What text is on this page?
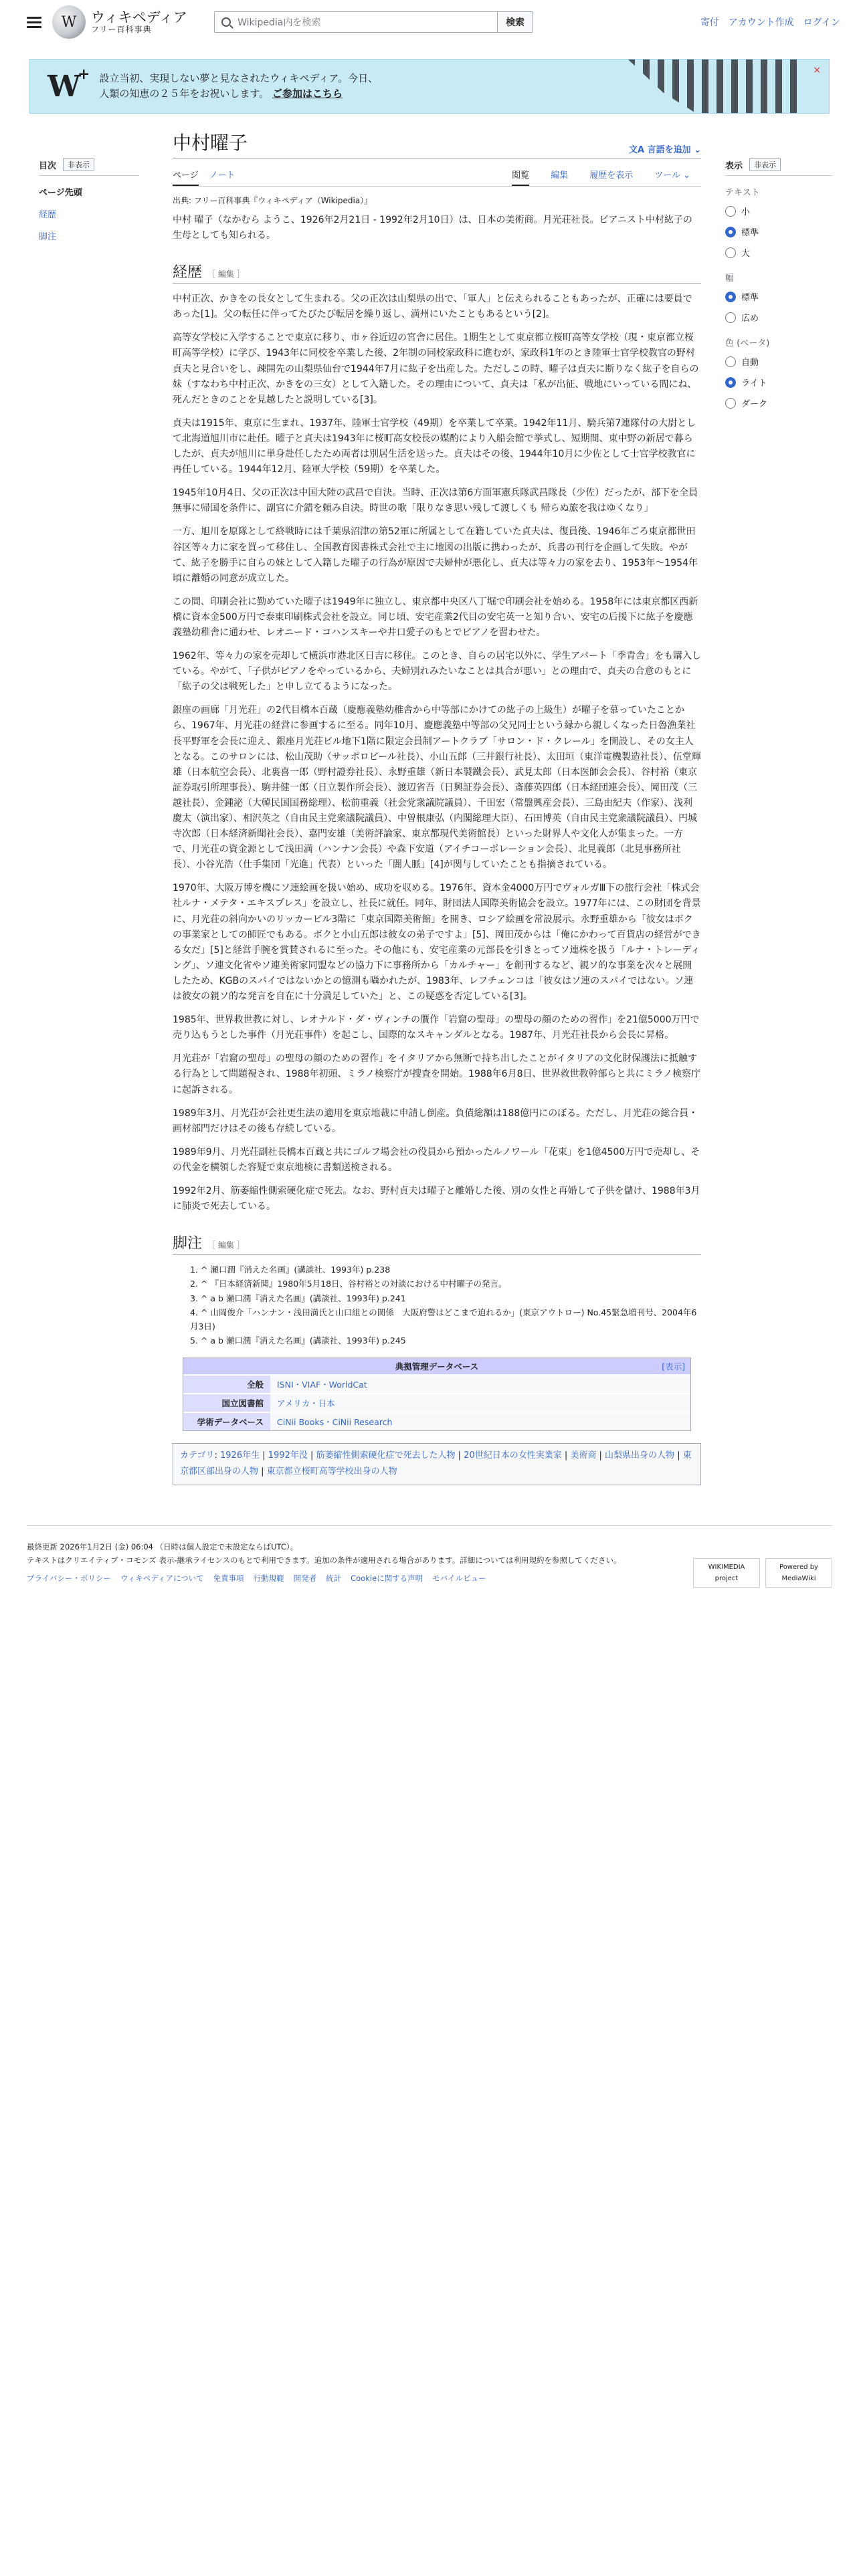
W	ウィキペディア
フリー百科事典
Wikipedia内を検索	検索	寄付 アカウント作成 ログイン
W
+ 設立当初、実現しない夢と見なされたウィキペディア。今日、
人類の知恵の２５年をお祝いします。 ご参加はこちら
×
目次	非表示
ページ先頭
経歴
脚注
中村曜子	文A 言語を追加 ⌄
ページ ノート	閲覧 編集 履歴を表示 ツール ⌄
出典: フリー百科事典『ウィキペディア（Wikipedia）』

中村 曜子（なかむら ようこ、1926年2月21日 - 1992年2月10日）は、日本の美術商。月光荘社長。ピアニスト中村紘子の生母としても知られる。

経歴 ［ 編集 ］

中村正次、かきをの長女として生まれる。父の正次は山梨県の出で、「軍人」と伝えられることもあったが、正確には要員であった[1]。父の転任に伴ってたびたび転居を繰り返し、満州にいたこともあるという[2]。

高等女学校に入学することで東京に移り、市ヶ谷近辺の宮舎に居住。1期生として東京都立桜町高等女学校（現・東京都立桜町高等学校）に学び、1943年に同校を卒業した後、2年制の同校家政科に進むが、家政科1年のとき陸軍士官学校教官の野村貞夫と見合いをし、疎開先の山梨県仙台で1944年7月に紘子を出産した。ただしこの時、曜子は貞夫に断りなく紘子を自らの妹（すなわち中村正次、かきをの三女）として入籍した。その理由について、貞夫は「私が出征、戦地にいっている間にね、死んだときのことを見越したと説明している[3]。

貞夫は1915年、東京に生まれ、1937年、陸軍士官学校（49期）を卒業して卒業。1942年11月、騎兵第7連隊付の大尉として北海道旭川市に赴任。曜子と貞夫は1943年に桜町高女校長の媒酌により入船会館で挙式し、短期間、東中野の新居で暮らしたが、貞夫が旭川に単身赴任したため両者は別居生活を送った。貞夫はその後、1944年10月に少佐として士官学校教官に再任している。1944年12月、陸軍大学校（59期）を卒業した。

1945年10月4日、父の正次は中国大陸の武昌で自決。当時、正次は第6方面軍憲兵隊武昌隊長（少佐）だったが、部下を全員無事に帰国を条件に、副官に介錯を頼み自決。時世の歌「限りなき思い残して渡しくも 帰らぬ旅を我はゆくなり」

一方、旭川を原隊として終戦時には千葉県沼津の第52軍に所属として在籍していた貞夫は、復員後、1946年ごろ東京都世田谷区等々力に家を買って移住し、全国教育図書株式会社で主に地図の出版に携わったが、兵書の刊行を企画して失敗。やがて、紘子を勝手に自らの妹として入籍した曜子の行為が原因で夫婦仲が悪化し、貞夫は等々力の家を去り、1953年〜1954年頃に離婚の同意が成立した。

この間、印刷会社に勤めていた曜子は1949年に独立し、東京都中央区八丁堀で印刷会社を始める。1958年には東京都区西新橋に資本金500万円で泰東印刷株式会社を設立。同じ頃、安宅産業2代目の安宅英一と知り合い、安宅の后援下に紘子を慶應義塾幼稚舎に通わせ、レオニード・コハンスキーや井口愛子のもとでピアノを習わせた。

1962年、等々力の家を売却して横浜市港北区日吉に移住。このとき、自らの居宅以外に、学生アパート「季青舎」をも購入している。やがて、「子供がピアノをやっているから、夫婦別れみたいなことは具合が悪い」との理由で、貞夫の合意のもとに「紘子の父は戦死した」と申し立てるようになった。

銀座の画廊「月光荘」の2代目橋本百蔵（慶應義塾幼稚舎から中等部にかけての紘子の上級生）が曜子を慕っていたことから、1967年、月光荘の経営に参画するに至る。同年10月、慶應義塾中等部の父兄同士という縁から親しくなった日魯漁業社長平野軍を会長に迎え、銀座月光荘ビル地下1階に限定会員制アートクラブ「サロン・ド・クレール」を開設し、その女主人となる。このサロンには、松山茂助（サッポロビール社長）、小山五郎（三井銀行社長）、太田垣（東洋電機製造社長）、伍堂輝雄（日本航空会長）、北裏喜一郎（野村證券社長）、永野重雄（新日本製鐵会長）、武見太郎（日本医師会会長）、谷村裕（東京証券取引所理事長）、駒井健一郎（日立製作所会長）、渡辺省吾（日興証券会長）、斎藤英四郎（日本経団連会長）、岡田茂（三越社長）、金鍾泌（大韓民国国務総理）、松前重義（社会党衆議院議員）、千田宏（常盤興産会長）、三島由紀夫（作家）、浅利慶太（演出家）、相沢英之（自由民主党衆議院議員）、中曽根康弘（内閣総理大臣）、石田博英（自由民主党衆議院議員）、円城寺次郎（日本経済新聞社会長）、嘉門安雄（美術評論家、東京都現代美術館長）といった財界人や文化人が集まった。一方で、月光荘の資金源として浅田満（ハンナン会長）や森下安道（アイチコーポレーション会長）、北見義郎（北見事務所社長）、小谷光浩（仕手集団「光進」代表）といった「闇人脈」[4]が関与していたことも指摘されている。

1970年、大阪万博を機にソ連絵画を扱い始め、成功を収める。1976年、資本金4000万円でヴォルガⅢ下の旅行会社「株式会社ルナ・メテタ・エキスプレス」を設立し、社長に就任。同年、財団法人国際美術協会を設立。1977年には、この財団を背景に、月光荘の斜向かいのリッカービル3階に「東京国際美術館」を開き、ロシア絵画を常設展示。永野重雄から「彼女はボクの事業家としての師匠でもある。ボクと小山五郎は彼女の弟子ですよ」[5]、岡田茂からは「俺にかわって百貨店の経営ができる女だ」[5]と経営手腕を賞賛されるに至った。その他にも、安宅産業の元部長を引きとってソ連株を扱う「ルナ・トレーディング」、ソ連文化省やソ連美術家同盟などの協力下に事務所から「カルチャー」を創刊するなど、親ソ的な事業を次々と展開したため、KGBのスパイではないかとの憶測も囁かれたが、1983年、レフチェンコは「彼女はソ連のスパイではない。ソ連は彼女の親ソ的な発言を自在に十分満足していた」と、この疑惑を否定している[3]。

1985年、世界救世教に対し、レオナルド・ダ・ヴィンチの贋作「岩窟の聖母」の聖母の顔のための習作」を21億5000万円で売り込もうとした事件（月光荘事件）を起こし、国際的なスキャンダルとなる。1987年、月光荘社長から会長に昇格。

月光荘が「岩窟の聖母」の聖母の顔のための習作」をイタリアから無断で持ち出したことがイタリアの文化財保護法に抵触する行為として問題視され、1988年初頭、ミラノ検察庁が捜査を開始。1988年6月8日、世界救世教幹部らと共にミラノ検察庁に起訴される。

1989年3月、月光荘が会社更生法の適用を東京地裁に申請し倒産。負債総額は188億円にのぼる。ただし、月光荘の総合員・画材部門だけはその後も存続している。

1989年9月、月光荘副社長橋本百蔵と共にゴルフ場会社の役員から預かったルノワール「花束」を1億4500万円で売却し、その代金を横領した容疑で東京地検に書類送検される。

1992年2月、筋萎縮性側索硬化症で死去。なお、野村貞夫は曜子と離婚した後、別の女性と再婚して子供を儲け、1988年3月に肺炎で死去している。

脚注 ［ 編集 ］
1. ^ 瀬口潤『消えた名画』(講談社、1993年) p.238
2. ^ 『日本経済新聞』1980年5月18日、谷村裕との対談における中村曜子の発言。
3. ^ a b 瀬口潤『消えた名画』(講談社、1993年) p.241
4. ^ 山岡俊介「ハンナン・浅田満氏と山口組との関係　大阪府警はどこまで迫れるか」(東京アウトロー) No.45緊急増刊号、2004年6月3日)
5. ^ a b 瀬口潤『消えた名画』(講談社、1993年) p.245
典拠管理データベース	[表示]
全般	ISNI・VIAF・WorldCat
国立図書館	アメリカ・日本
学術データベース	CiNii Books・CiNii Research
カテゴリ: 1926年生 | 1992年没 | 筋萎縮性側索硬化症で死去した人物 | 20世紀日本の女性実業家 | 美術商 | 山梨県出身の人物 | 東京都区部出身の人物 | 東京都立桜町高等学校出身の人物
表示	非表示
テキスト
小
標準
大
幅
標準
広め
色 (ベータ)
自動
ライト
ダーク
最終更新 2026年1月2日 (金) 06:04 （日時は個人設定で未設定ならばUTC）。
テキストはクリエイティブ・コモンズ 表示-継承ライセンスのもとで利用できます。追加の条件が適用される場合があります。詳細については利用規約を参照してください。
プライバシー・ポリシー ウィキペディアについて 免責事項 行動規範 開発者 統計 Cookieに関する声明 モバイルビュー
WIKIMEDIA project
Powered by MediaWiki
